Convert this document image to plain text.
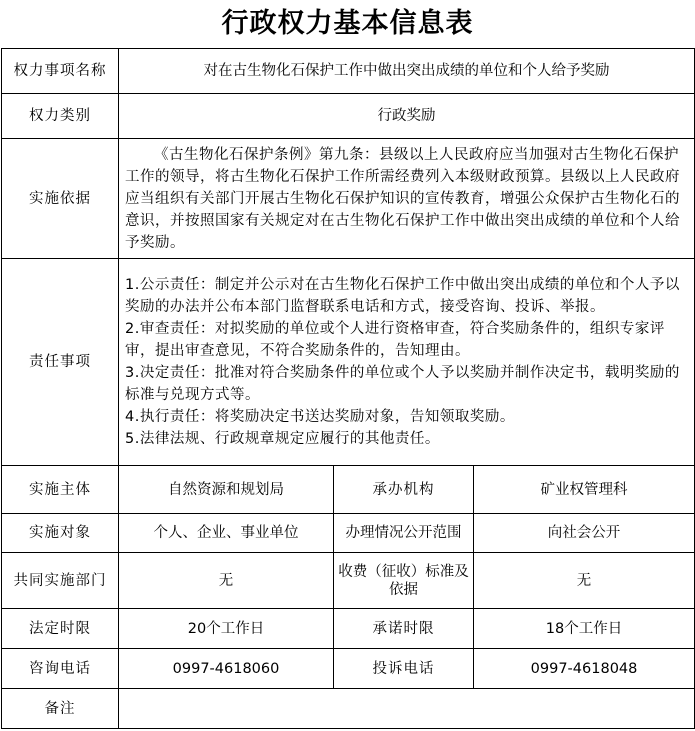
行政权力基本信息表
权力事项名称	对在古生物化石保护工作中做出突出成绩的单位和个人给予奖励		
权力类别	行政奖励		
实施依据	《古生物化石保护条例》第九条：县级以上人民政府应当加强对古生物化石保护工作的领导，将古生物化石保护工作所需经费列入本级财政预算。县级以上人民政府应当组织有关部门开展古生物化石保护知识的宣传教育，增强公众保护古生物化石的意识，并按照国家有关规定对在古生物化石保护工作中做出突出成绩的单位和个人给予奖励。		
责任事项	1.公示责任：制定并公示对在古生物化石保护工作中做出突出成绩的单位和个人予以奖励的办法并公布本部门监督联系电话和方式，接受咨询、投诉、举报。
2.审查责任：对拟奖励的单位或个人进行资格审查，符合奖励条件的，组织专家评审，提出审查意见，不符合奖励条件的，告知理由。
3.决定责任：批准对符合奖励条件的单位或个人予以奖励并制作决定书，载明奖励的标准与兑现方式等。
4.执行责任：将奖励决定书送达奖励对象，告知领取奖励。
5.法律法规、行政规章规定应履行的其他责任。		

实施主体	自然资源和规划局	承办机构	矿业权管理科
实施对象	个人、企业、事业单位	办理情况公开范围	向社会公开
共同实施部门	无	收费（征收）标准及依据	无
法定时限	20个工作日	承诺时限	18个工作日
咨询电话	0997-4618060	投诉电话	0997-4618048
备注			
